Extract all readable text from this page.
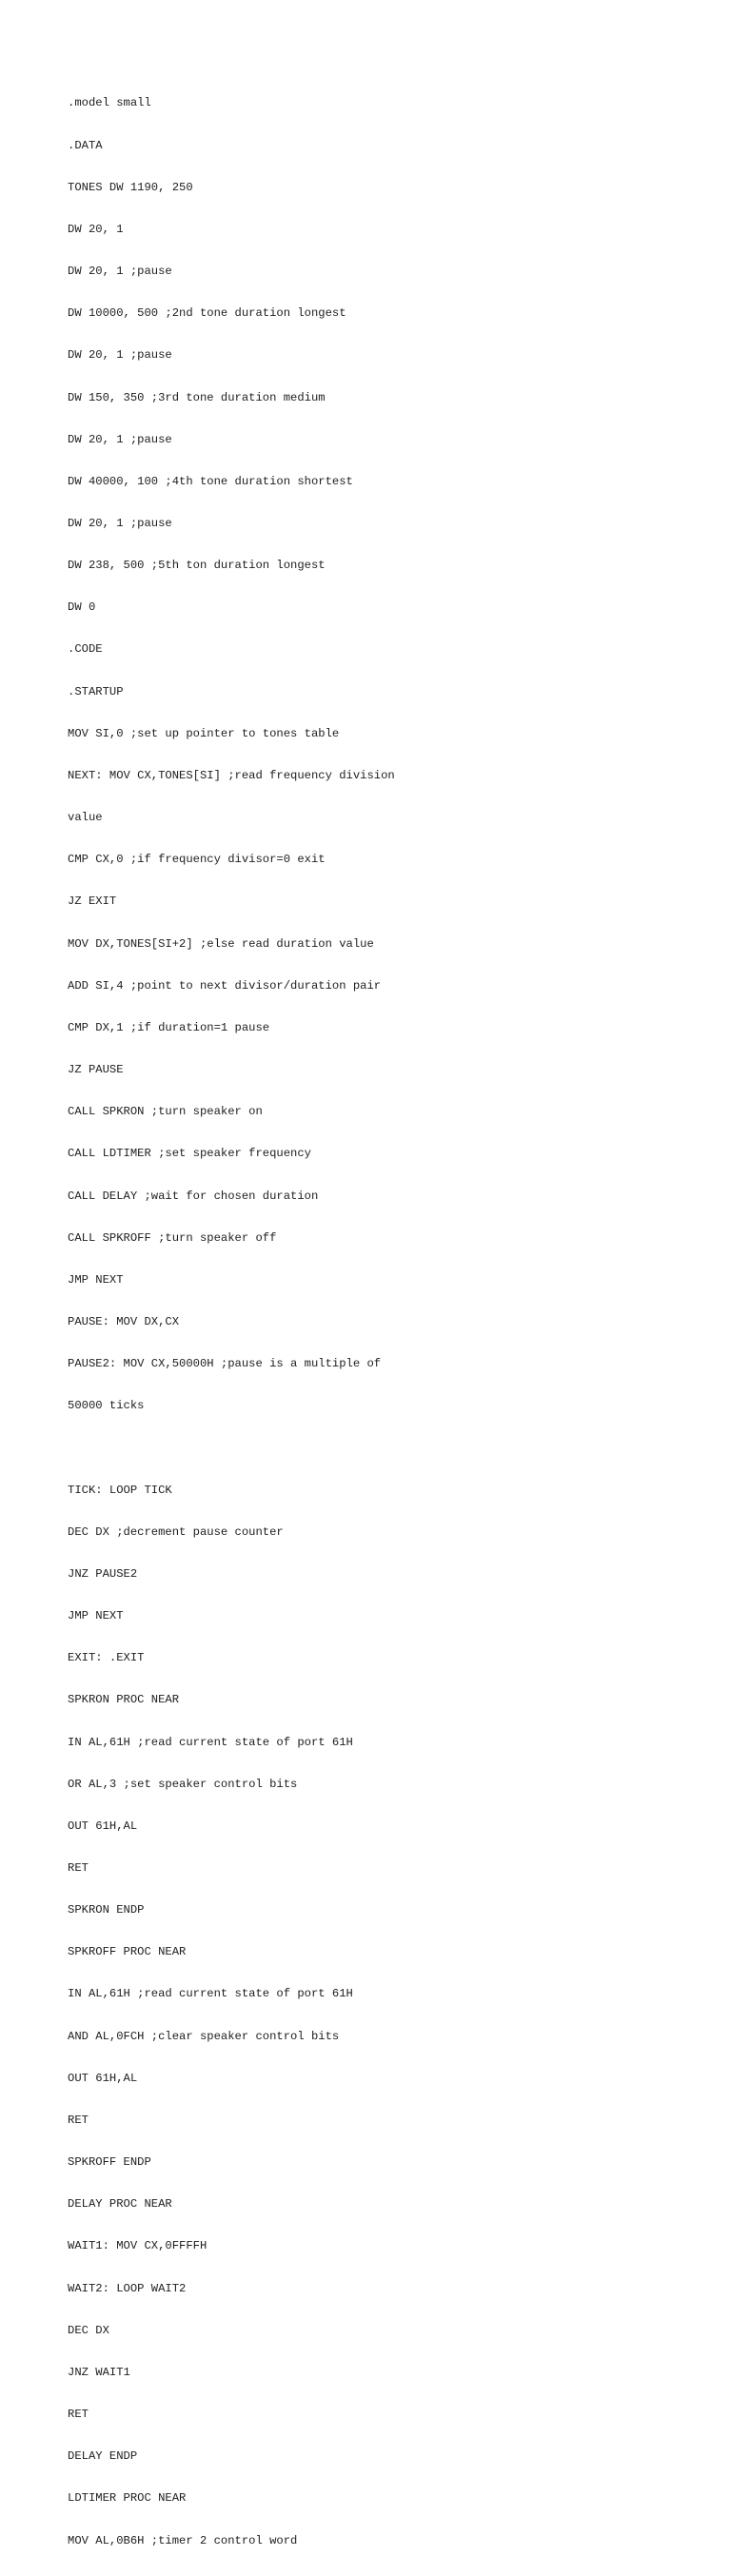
.model small

.DATA

TONES DW 1190, 250

DW 20, 1

DW 20, 1 ;pause

DW 10000, 500 ;2nd tone duration longest

DW 20, 1 ;pause

DW 150, 350 ;3rd tone duration medium

DW 20, 1 ;pause

DW 40000, 100 ;4th tone duration shortest

DW 20, 1 ;pause

DW 238, 500 ;5th ton duration longest

DW 0

.CODE

.STARTUP

MOV SI,0 ;set up pointer to tones table

NEXT: MOV CX,TONES[SI] ;read frequency division

value

CMP CX,0 ;if frequency divisor=0 exit

JZ EXIT

MOV DX,TONES[SI+2] ;else read duration value

ADD SI,4 ;point to next divisor/duration pair

CMP DX,1 ;if duration=1 pause

JZ PAUSE

CALL SPKRON ;turn speaker on

CALL LDTIMER ;set speaker frequency

CALL DELAY ;wait for chosen duration

CALL SPKROFF ;turn speaker off

JMP NEXT

PAUSE: MOV DX,CX

PAUSE2: MOV CX,50000H ;pause is a multiple of

50000 ticks

TICK: LOOP TICK

DEC DX ;decrement pause counter

JNZ PAUSE2

JMP NEXT

EXIT: .EXIT

SPKRON PROC NEAR

IN AL,61H ;read current state of port 61H

OR AL,3 ;set speaker control bits

OUT 61H,AL

RET

SPKRON ENDP

SPKROFF PROC NEAR

IN AL,61H ;read current state of port 61H

AND AL,0FCH ;clear speaker control bits

OUT 61H,AL

RET

SPKROFF ENDP

DELAY PROC NEAR

WAIT1: MOV CX,0FFFFH

WAIT2: LOOP WAIT2

DEC DX

JNZ WAIT1

RET

DELAY ENDP

LDTIMER PROC NEAR

MOV AL,0B6H ;timer 2 control word
